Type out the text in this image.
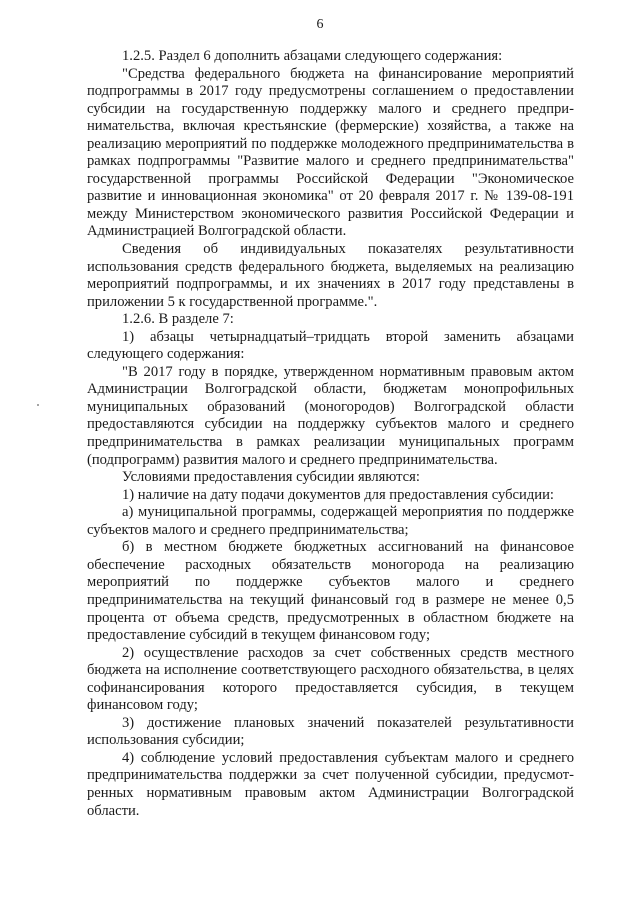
6

1.2.5. Раздел 6 дополнить абзацами следующего содержания:

"Средства федерального бюджета на финансирование мероприятий подпрограммы в 2017 году предусмотрены соглашением о предоставлении субсидии на государственную поддержку малого и среднего предпринимательства, включая крестьянские (фермерские) хозяйства, а также на реализацию мероприятий по поддержке молодежного предпринимательства в рамках подпрограммы "Развитие малого и среднего предпринимательства" государственной программы Российской Федерации "Экономическое развитие и инновационная экономика" от 20 февраля 2017 г. № 139-08-191 между Министерством экономического развития Российской Федерации и Администрацией Волгоградской области.

Сведения об индивидуальных показателях результативности использования средств федерального бюджета, выделяемых на реализацию мероприятий подпрограммы, и их значениях в 2017 году представлены в приложении 5 к государственной программе.".

1.2.6. В разделе 7:

1) абзацы четырнадцатый–тридцать второй заменить абзацами следующего содержания:

"В 2017 году в порядке, утвержденном нормативным правовым актом Администрации Волгоградской области, бюджетам монопрофильных муниципальных образований (моногородов) Волгоградской области предоставляются субсидии на поддержку субъектов малого и среднего предпринимательства в рамках реализации муниципальных программ (подпрограмм) развития малого и среднего предпринимательства.

Условиями предоставления субсидии являются:

1) наличие на дату подачи документов для предоставления субсидии:

а) муниципальной программы, содержащей мероприятия по поддержке субъектов малого и среднего предпринимательства;

б) в местном бюджете бюджетных ассигнований на финансовое обеспечение расходных обязательств моногорода на реализацию мероприятий по поддержке субъектов малого и среднего предпринимательства на текущий финансовый год в размере не менее 0,5 процента от объема средств, предусмотренных в областном бюджете на предоставление субсидий в текущем финансовом году;

2) осуществление расходов за счет собственных средств местного бюджета на исполнение соответствующего расходного обязательства, в целях софинансирования которого предоставляется субсидия, в текущем финансовом году;

3) достижение плановых значений показателей результативности использования субсидии;

4) соблюдение условий предоставления субъектам малого и среднего предпринимательства поддержки за счет полученной субсидии, предусмотренных нормативным правовым актом Администрации Волгоградской области.
